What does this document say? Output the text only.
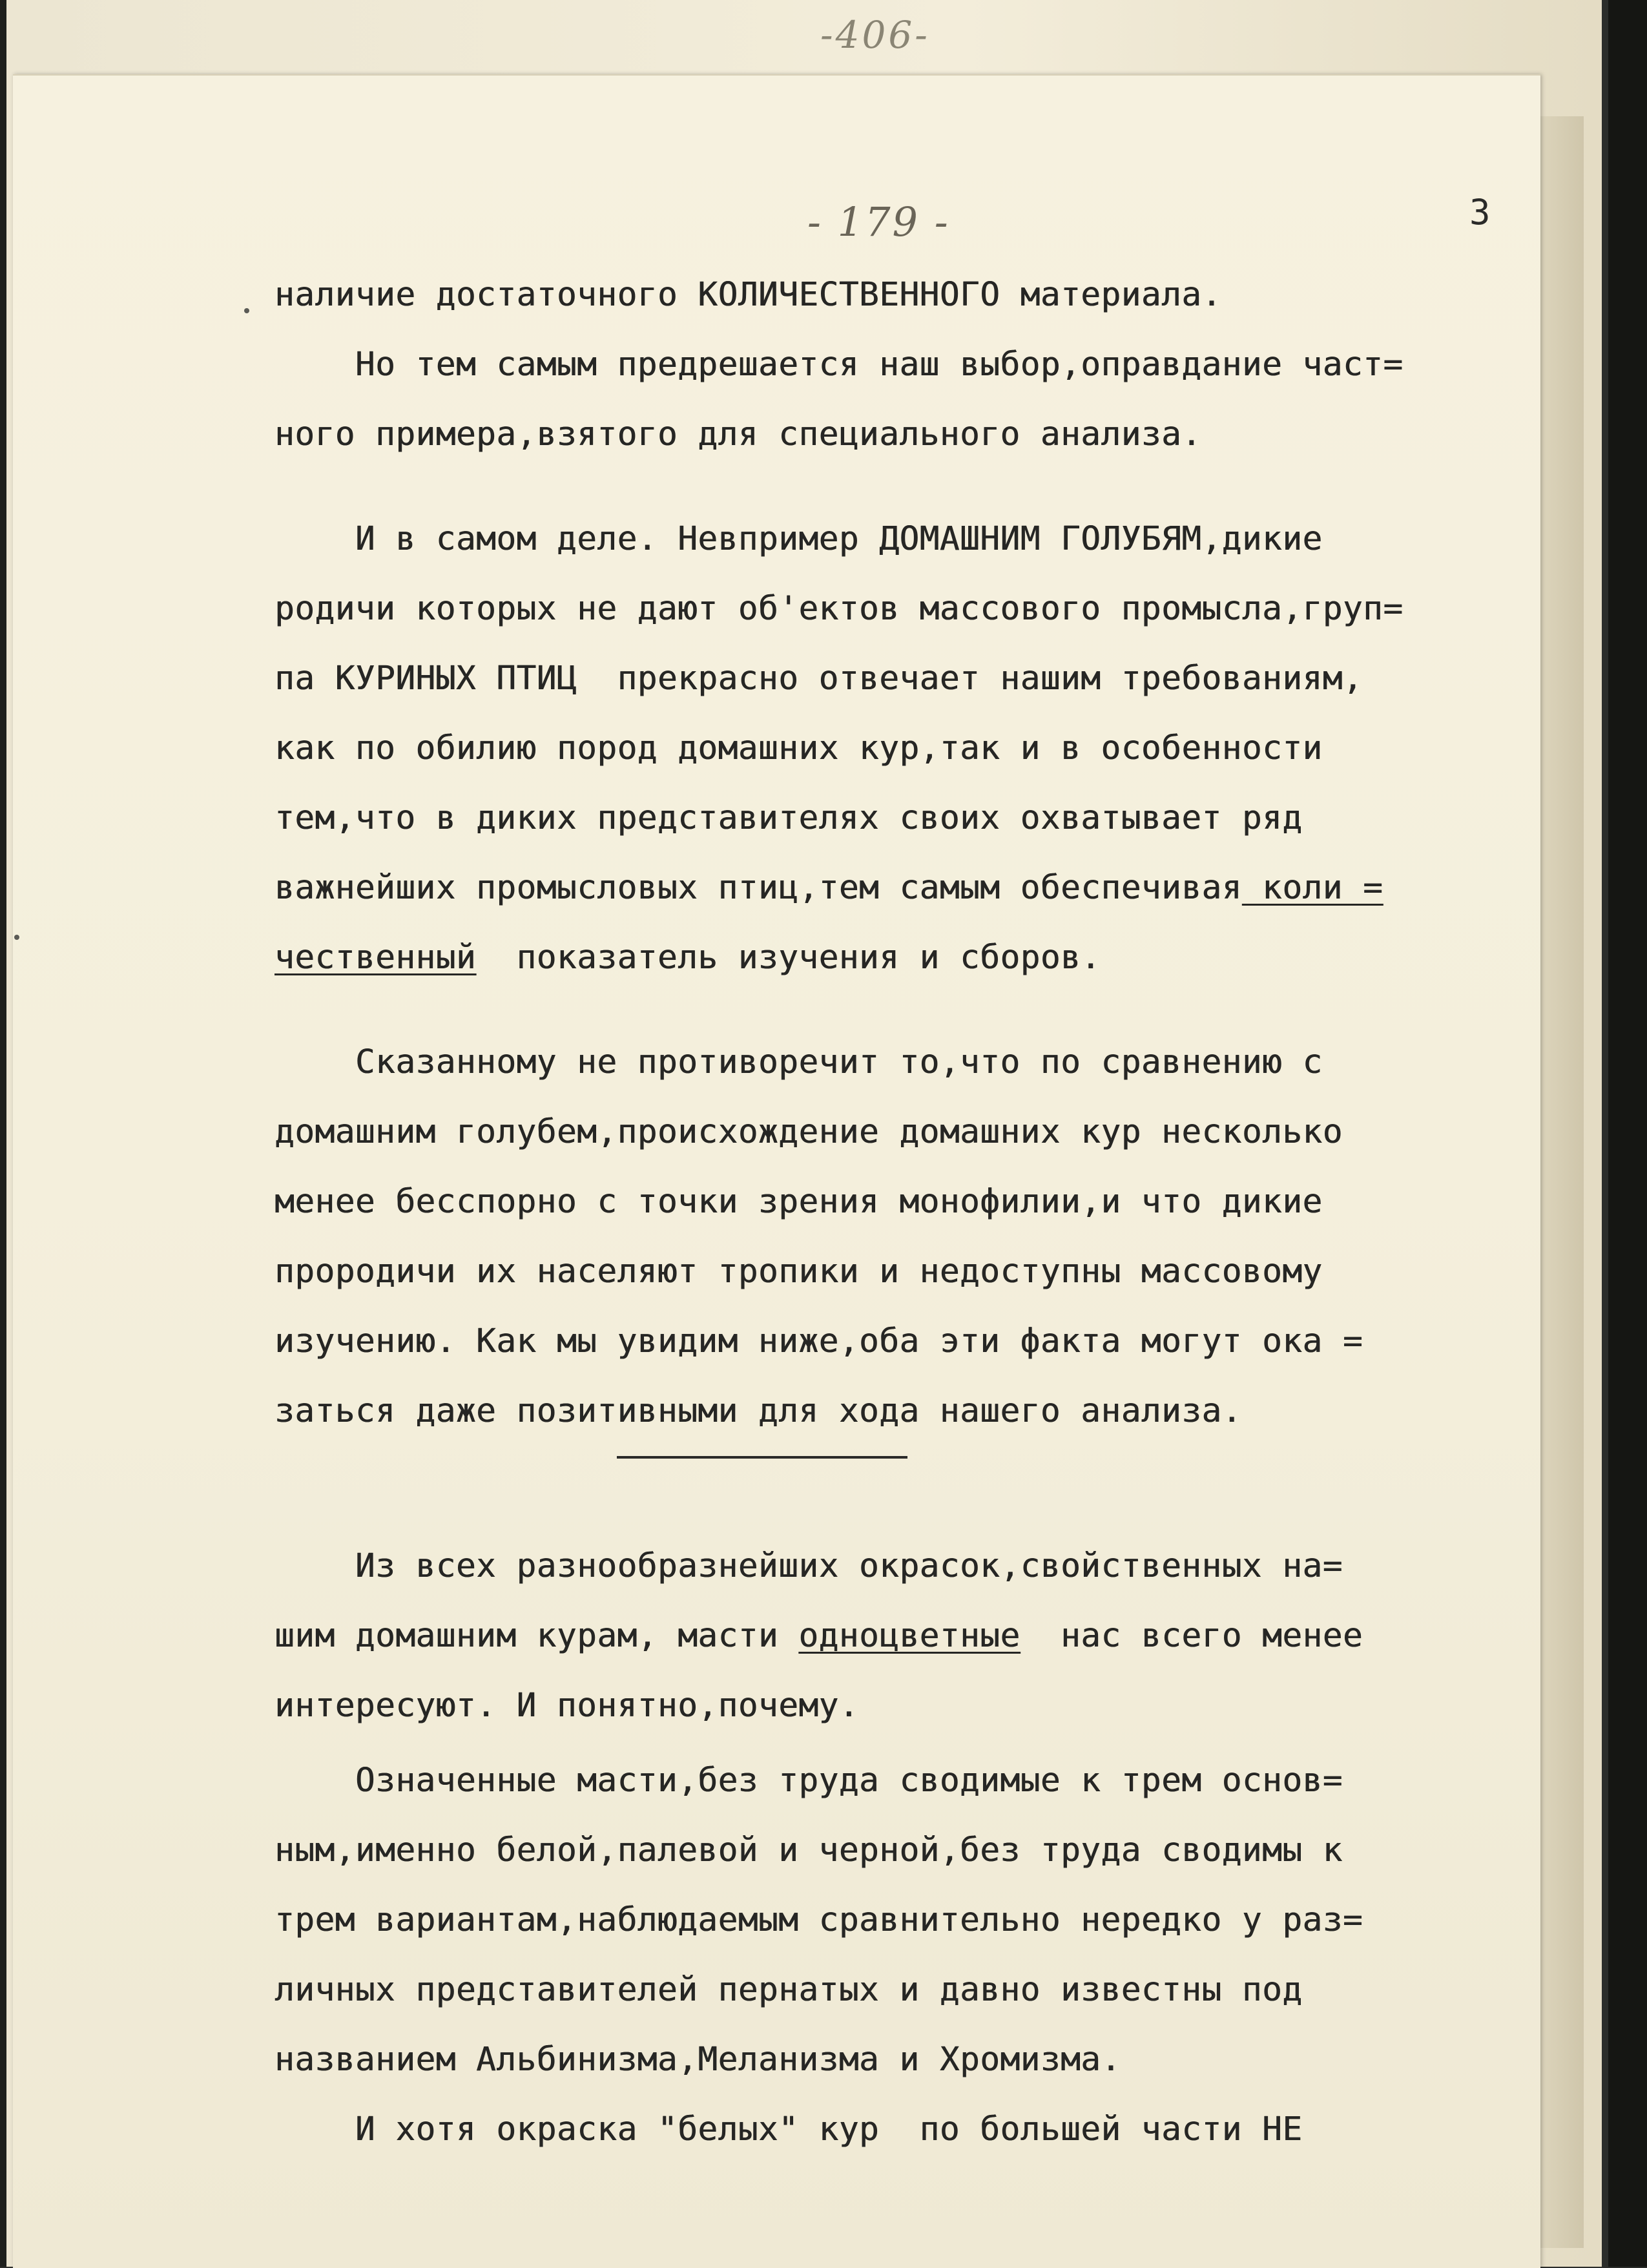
-406-
- 179 -	3
наличие достаточного КОЛИЧЕСТВЕННОГО материала.
Но тем самым предрешается наш выбор,оправдание част=
ного примера,взятого для специального анализа.
И в самом деле. Невпример ДОМАШНИМ ГОЛУБЯМ,дикие
родичи которых не дают об'ектов массового промысла,груп=
па КУРИНЫХ ПТИЦ  прекрасно отвечает нашим требованиям,
как по обилию пород домашних кур,так и в особенности
тем,что в диких представителях своих охватывает ряд
важнейших промысловых птиц,тем самым обеспечивая коли =
чественный  показатель изучения и сборов.
Сказанному не противоречит то,что по сравнению с
домашним голубем,происхождение домашних кур несколько
менее бесспорно с точки зрения монофилии,и что дикие
прородичи их населяют тропики и недоступны массовому
изучению. Как мы увидим ниже,оба эти факта могут ока =
заться даже позитивными для хода нашего анализа.
Из всех разнообразнейших окрасок,свойственных на=
шим домашним курам, масти одноцветные  нас всего менее
интересуют. И понятно,почему.
Означенные масти,без труда сводимые к трем основ=
ным,именно белой,палевой и черной,без труда сводимы к
трем вариантам,наблюдаемым сравнительно нередко у раз=
личных представителей пернатых и давно известны под
названием Альбинизма,Меланизма и Хромизма.
И хотя окраска "белых" кур  по большей части НЕ
